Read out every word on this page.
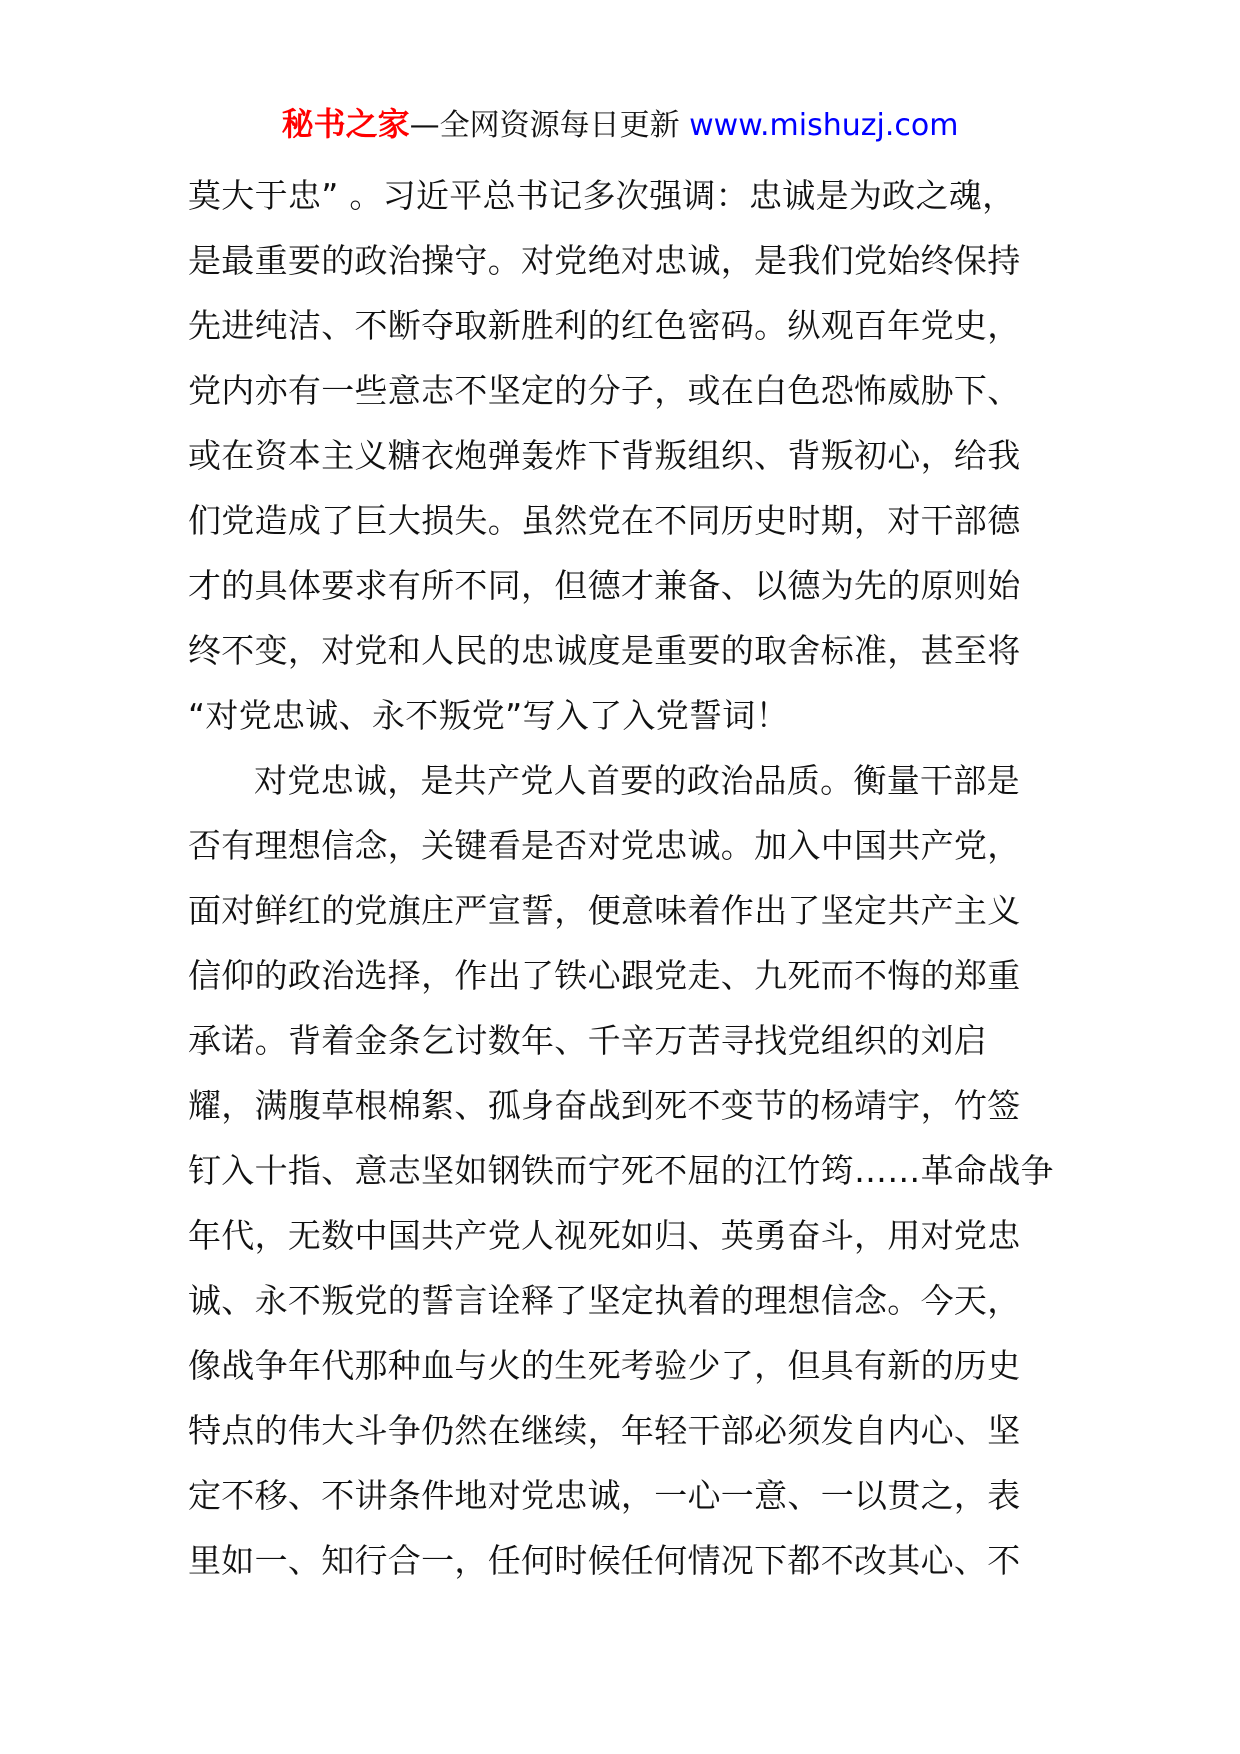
秘书之家—全网资源每日更新 www.mishuzj.com
莫大于忠” 。习近平总书记多次强调：忠诚是为政之魂，
是最重要的政治操守。对党绝对忠诚，是我们党始终保持
先进纯洁、不断夺取新胜利的红色密码。纵观百年党史，
党内亦有一些意志不坚定的分子，或在白色恐怖威胁下、
或在资本主义糖衣炮弹轰炸下背叛组织、背叛初心，给我
们党造成了巨大损失。虽然党在不同历史时期，对干部德
才的具体要求有所不同，但德才兼备、以德为先的原则始
终不变，对党和人民的忠诚度是重要的取舍标准，甚至将
“对党忠诚、永不叛党”写入了入党誓词！
对党忠诚，是共产党人首要的政治品质。衡量干部是
否有理想信念，关键看是否对党忠诚。加入中国共产党，
面对鲜红的党旗庄严宣誓，便意味着作出了坚定共产主义
信仰的政治选择，作出了铁心跟党走、九死而不悔的郑重
承诺。背着金条乞讨数年、千辛万苦寻找党组织的刘启
耀，满腹草根棉絮、孤身奋战到死不变节的杨靖宇，竹签
钉入十指、意志坚如钢铁而宁死不屈的江竹筠……革命战争
年代，无数中国共产党人视死如归、英勇奋斗，用对党忠
诚、永不叛党的誓言诠释了坚定执着的理想信念。今天，
像战争年代那种血与火的生死考验少了，但具有新的历史
特点的伟大斗争仍然在继续，年轻干部必须发自内心、坚
定不移、不讲条件地对党忠诚，一心一意、一以贯之，表
里如一、知行合一，任何时候任何情况下都不改其心、不
